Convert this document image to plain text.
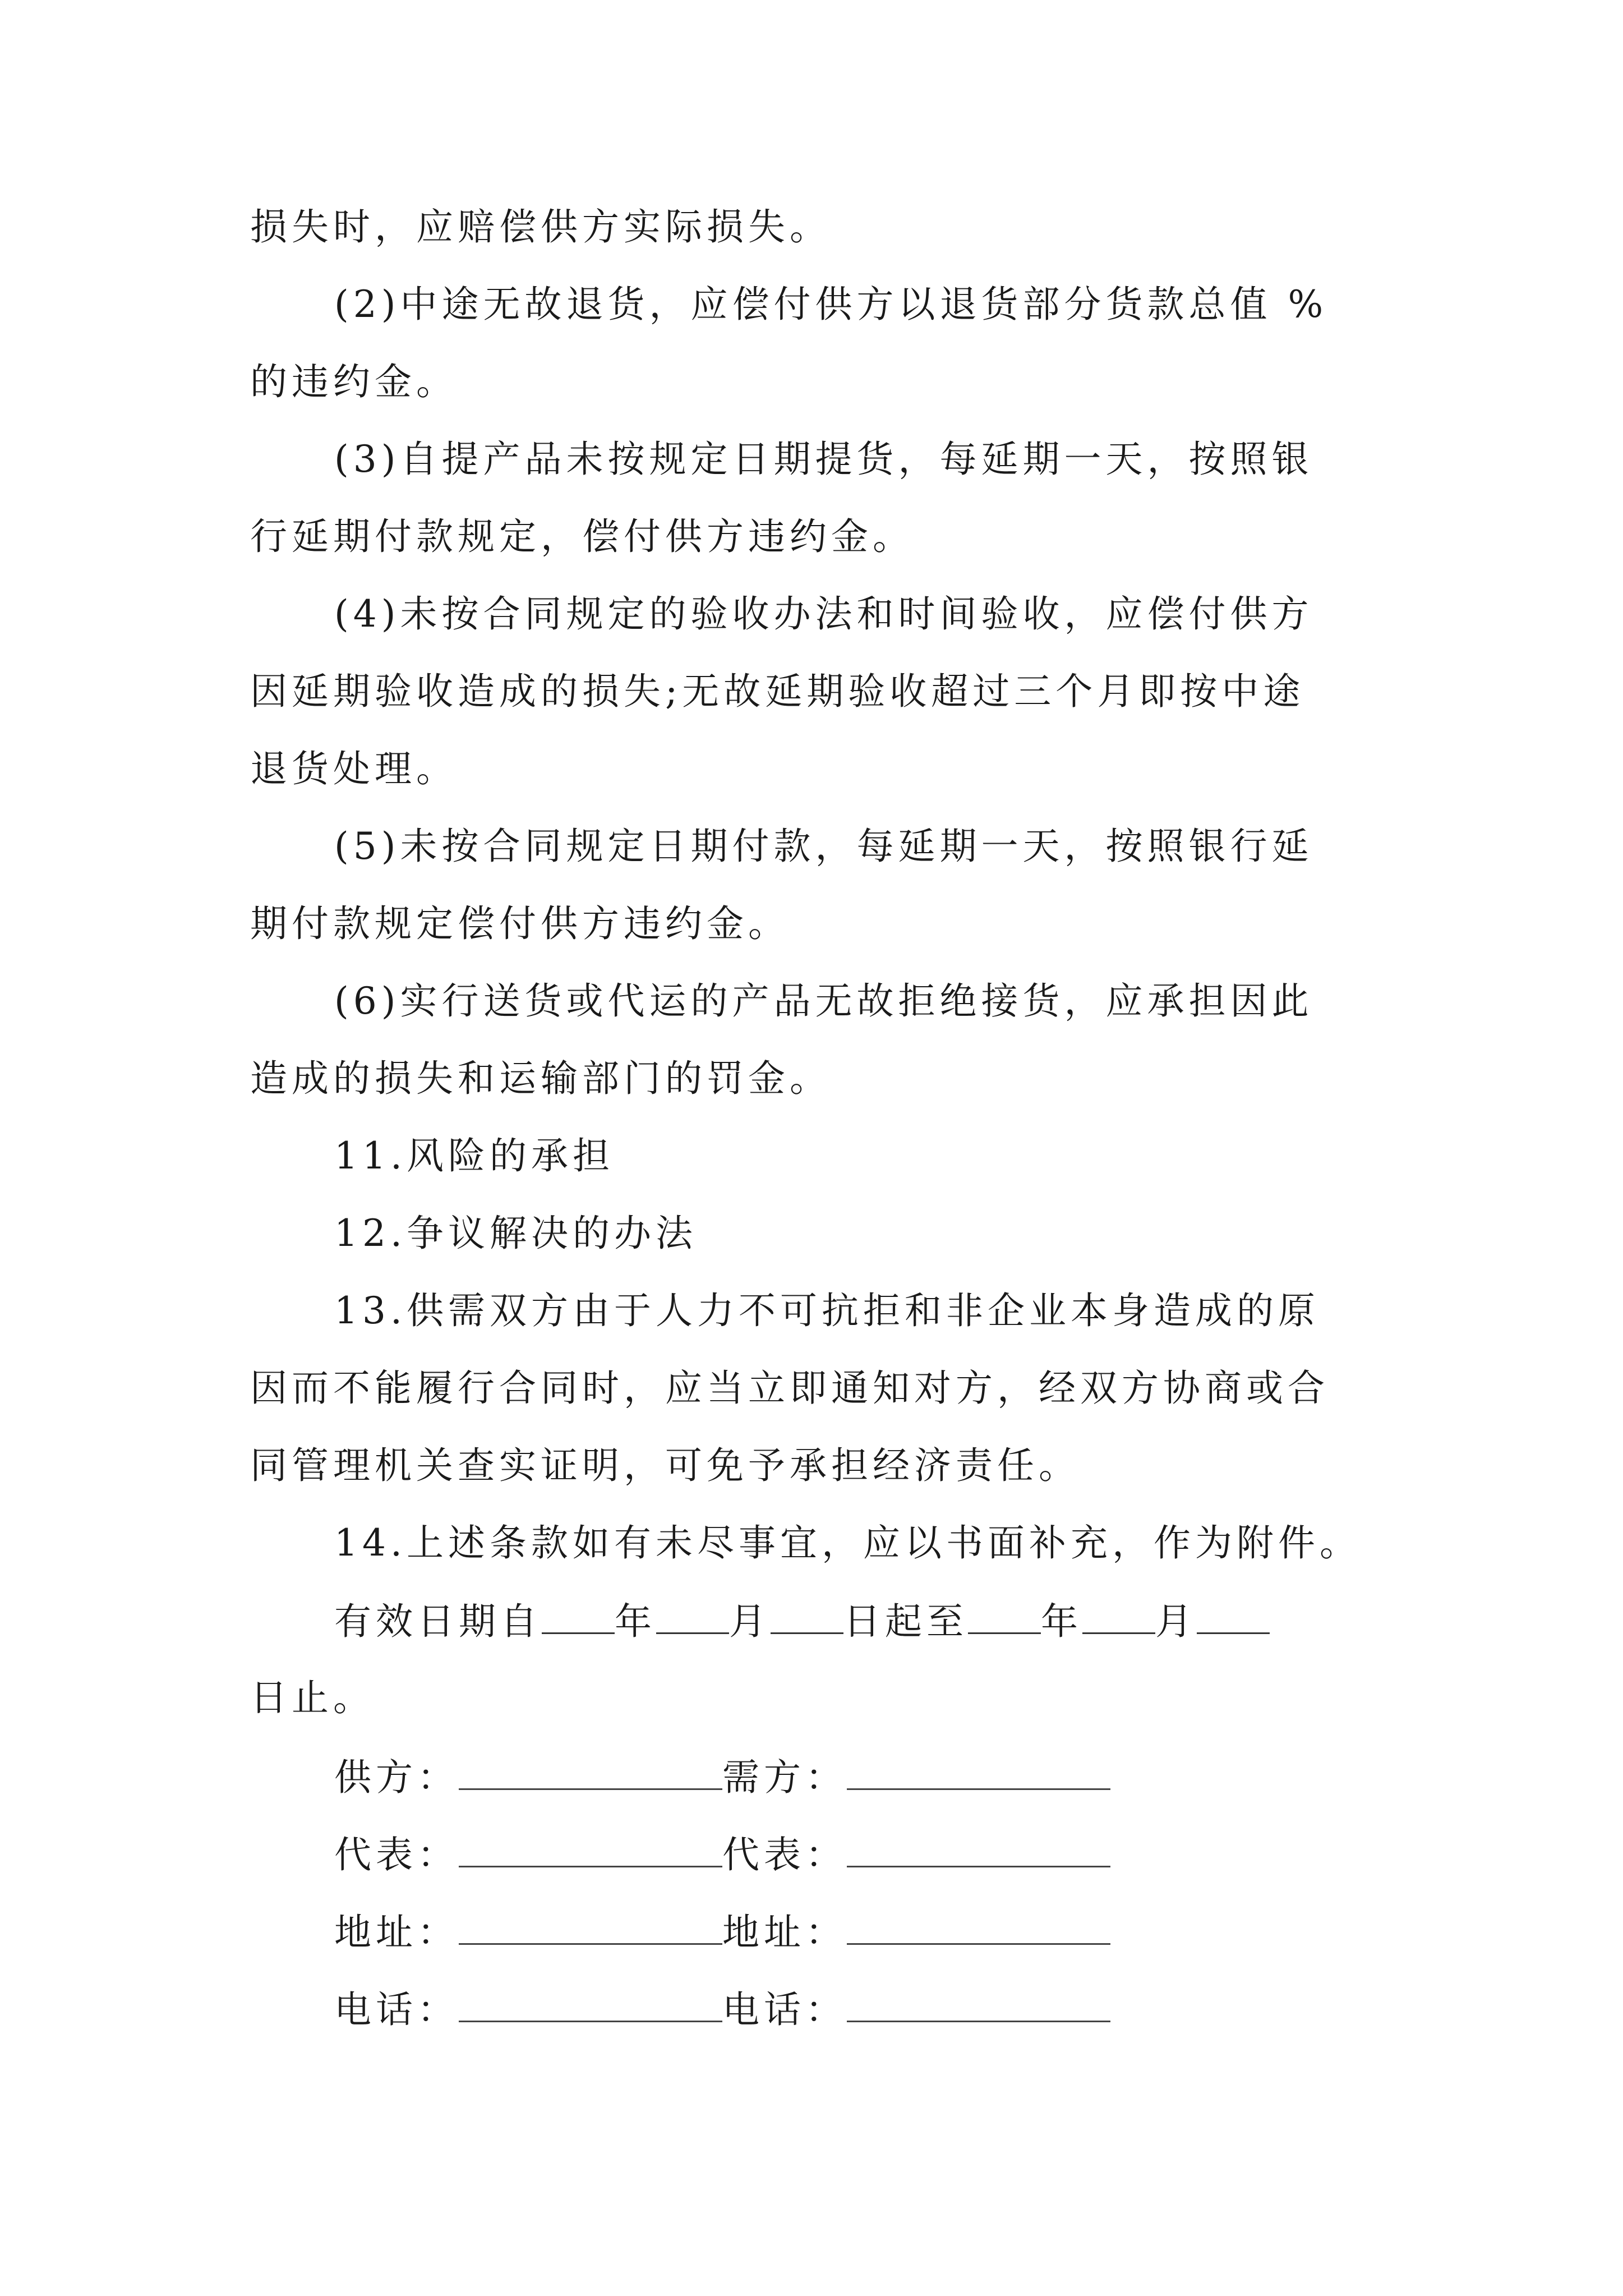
损失时，应赔偿供方实际损失。
(2)中途无故退货，应偿付供方以退货部分货款总值 %
的违约金。
(3)自提产品未按规定日期提货，每延期一天，按照银
行延期付款规定，偿付供方违约金。
(4)未按合同规定的验收办法和时间验收，应偿付供方
因延期验收造成的损失;无故延期验收超过三个月即按中途
退货处理。
(5)未按合同规定日期付款，每延期一天，按照银行延
期付款规定偿付供方违约金。
(6)实行送货或代运的产品无故拒绝接货，应承担因此
造成的损失和运输部门的罚金。
11.风险的承担
12.争议解决的办法
13.供需双方由于人力不可抗拒和非企业本身造成的原
因而不能履行合同时，应当立即通知对方，经双方协商或合
同管理机关查实证明，可免予承担经济责任。
14.上述条款如有未尽事宜，应以书面补充，作为附件。
有效日期自 年 月 日起至 年 月
日止。
供方：	需方：
代表：	代表：
地址：	地址：
电话：	电话：
